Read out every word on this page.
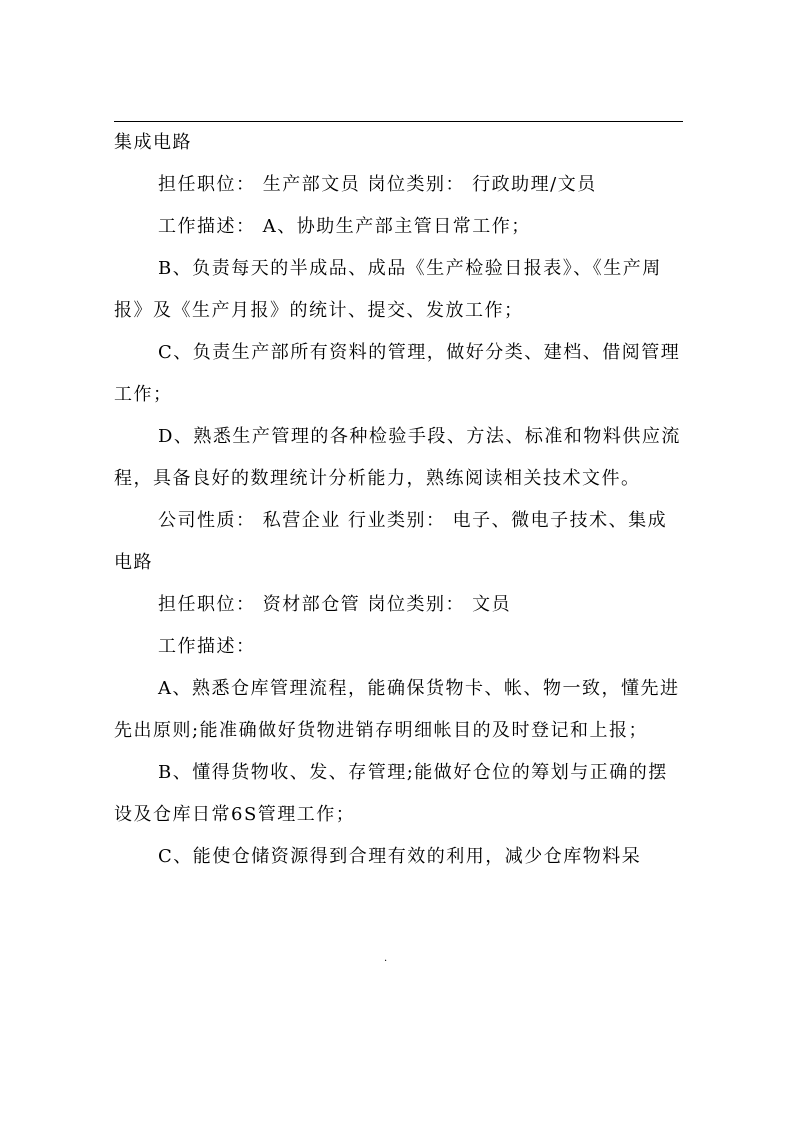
集成电路

担任职位： 生产部文员 岗位类别： 行政助理/文员

工作描述： A、协助生产部主管日常工作；

B、负责每天的半成品、成品《生产检验日报表》、《生产周报》及《生产月报》的统计、提交、发放工作；

C、负责生产部所有资料的管理，做好分类、建档、借阅管理工作；

D、熟悉生产管理的各种检验手段、方法、标准和物料供应流程，具备良好的数理统计分析能力，熟练阅读相关技术文件。

公司性质： 私营企业 行业类别： 电子、微电子技术、集成电路

担任职位： 资材部仓管 岗位类别： 文员

工作描述：

A、熟悉仓库管理流程，能确保货物卡、帐、物一致，懂先进先出原则;能准确做好货物进销存明细帐目的及时登记和上报；

B、懂得货物收、发、存管理;能做好仓位的筹划与正确的摆设及仓库日常6S管理工作；

C、能使仓储资源得到合理有效的利用，减少仓库物料呆

.
